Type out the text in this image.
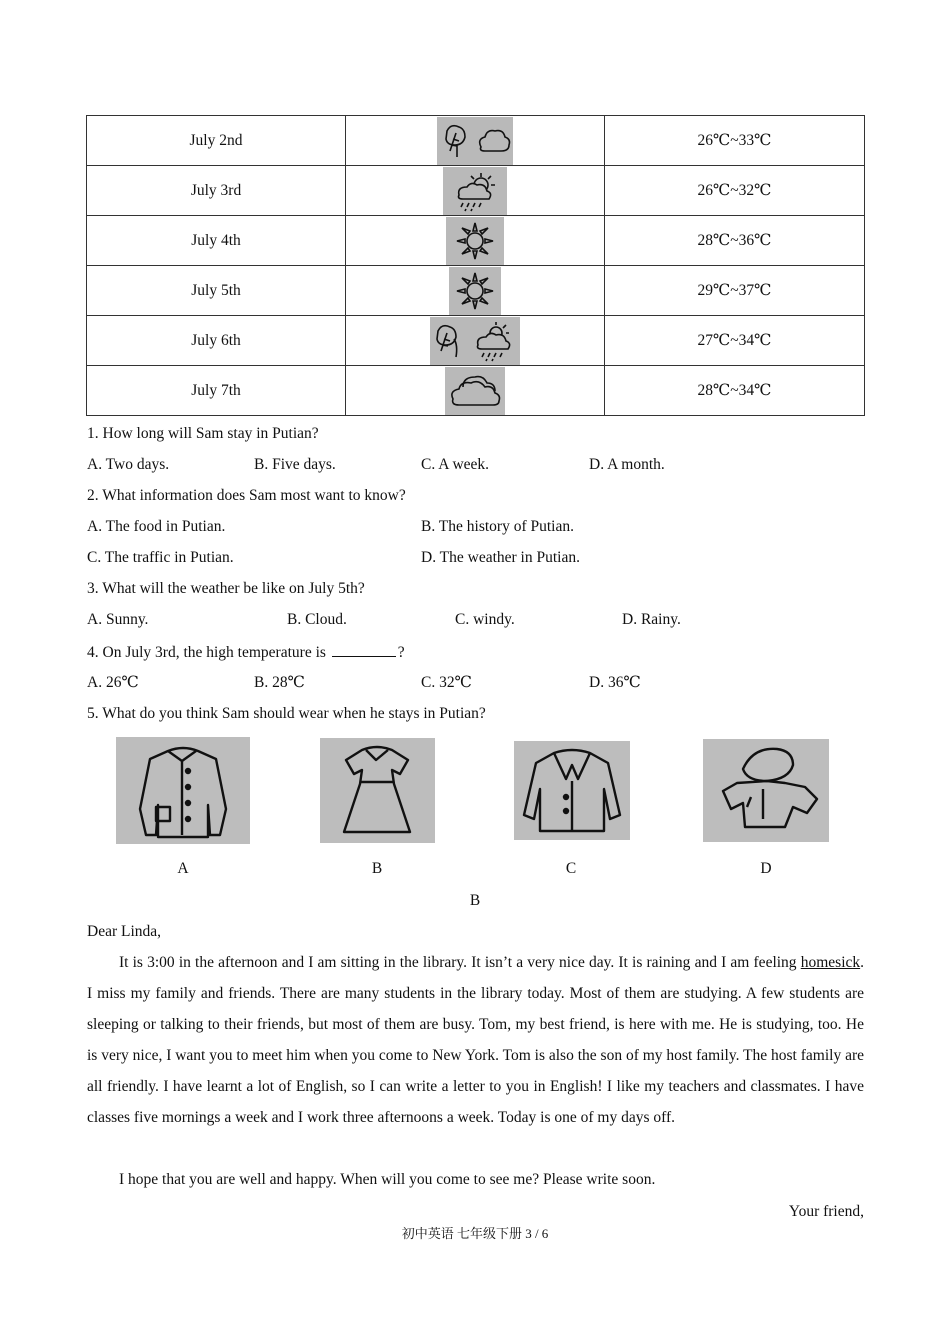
July 2nd		26℃~33℃
July 3rd		26℃~32℃
July 4th		28℃~36℃
July 5th		29℃~37℃
July 6th		27℃~34℃
July 7th		28℃~34℃
1. How long will Sam stay in Putian?
A. Two days.	B. Five days.	C. A week.	D. A month.
2. What information does Sam most want to know?
A. The food in Putian.	B. The history of Putian.
C. The traffic in Putian.	D. The weather in Putian.
3. What will the weather be like on July 5th?
A. Sunny.	B. Cloud.	C. windy.	D. Rainy.
4. On July 3rd, the high temperature is	?
A. 26℃	B. 28℃	C. 32℃	D. 36℃
5. What do you think Sam should wear when he stays in Putian?
A	B	C	D
B
Dear Linda,
It is 3:00 in the afternoon and I am sitting in the library. It isn’t a very nice day. It is raining and I am feeling homesick. I miss my family and friends. There are many students in the library today. Most of them are studying. A few students are sleeping or talking to their friends, but most of them are busy. Tom, my best friend, is here with me. He is studying, too. He is very nice, I want you to meet him when you come to New York. Tom is also the son of my host family. The host family are all friendly. I have learnt a lot of English, so I can write a letter to you in English! I like my teachers and classmates. I have classes five mornings a week and I work three afternoons a week. Today is one of my days off.
I hope that you are well and happy. When will you come to see me? Please write soon.
Your friend,
初中英语 七年级下册 3 / 6
